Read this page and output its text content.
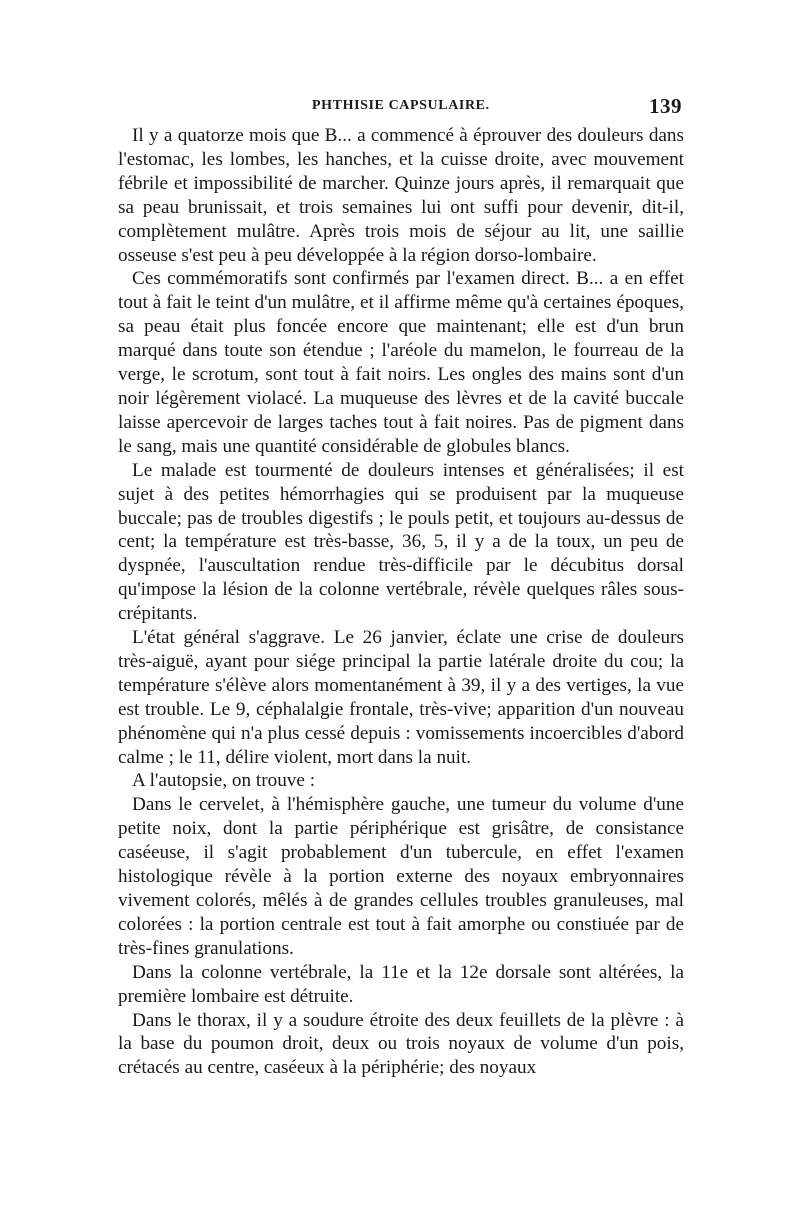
PHTHISIE CAPSULAIRE.	139

Il y a quatorze mois que B... a commencé à éprouver des douleurs dans l'estomac, les lombes, les hanches, et la cuisse droite, avec mouvement fébrile et impossibilité de marcher. Quinze jours après, il remarquait que sa peau brunissait, et trois semaines lui ont suffi pour devenir, dit-il, complètement mulâtre. Après trois mois de séjour au lit, une saillie osseuse s'est peu à peu développée à la région dorso-lombaire.

Ces commémoratifs sont confirmés par l'examen direct. B... a en effet tout à fait le teint d'un mulâtre, et il affirme même qu'à certaines époques, sa peau était plus foncée encore que maintenant; elle est d'un brun marqué dans toute son étendue ; l'aréole du mamelon, le fourreau de la verge, le scrotum, sont tout à fait noirs. Les ongles des mains sont d'un noir légèrement violacé. La muqueuse des lèvres et de la cavité buccale laisse apercevoir de larges taches tout à fait noires. Pas de pigment dans le sang, mais une quantité considérable de globules blancs.

Le malade est tourmenté de douleurs intenses et généralisées; il est sujet à des petites hémorrhagies qui se produisent par la muqueuse buccale; pas de troubles digestifs ; le pouls petit, et toujours au-dessus de cent; la température est très-basse, 36, 5, il y a de la toux, un peu de dyspnée, l'auscultation rendue très-difficile par le décubitus dorsal qu'impose la lésion de la colonne vertébrale, révèle quelques râles sous-crépitants.

L'état général s'aggrave. Le 26 janvier, éclate une crise de douleurs très-aiguë, ayant pour siége principal la partie latérale droite du cou; la température s'élève alors momentanément à 39, il y a des vertiges, la vue est trouble. Le 9, céphalalgie frontale, très-vive; apparition d'un nouveau phénomène qui n'a plus cessé depuis : vomissements incoercibles d'abord calme ; le 11, délire violent, mort dans la nuit.

A l'autopsie, on trouve :

Dans le cervelet, à l'hémisphère gauche, une tumeur du volume d'une petite noix, dont la partie périphérique est grisâtre, de consistance caséeuse, il s'agit probablement d'un tubercule, en effet l'examen histologique révèle à la portion externe des noyaux embryonnaires vivement colorés, mêlés à de grandes cellules troubles granuleuses, mal colorées : la portion centrale est tout à fait amorphe ou constiuée par de très-fines granulations.

Dans la colonne vertébrale, la 11e et la 12e dorsale sont altérées, la première lombaire est détruite.

Dans le thorax, il y a soudure étroite des deux feuillets de la plèvre : à la base du poumon droit, deux ou trois noyaux de volume d'un pois, crétacés au centre, caséeux à la périphérie; des noyaux
